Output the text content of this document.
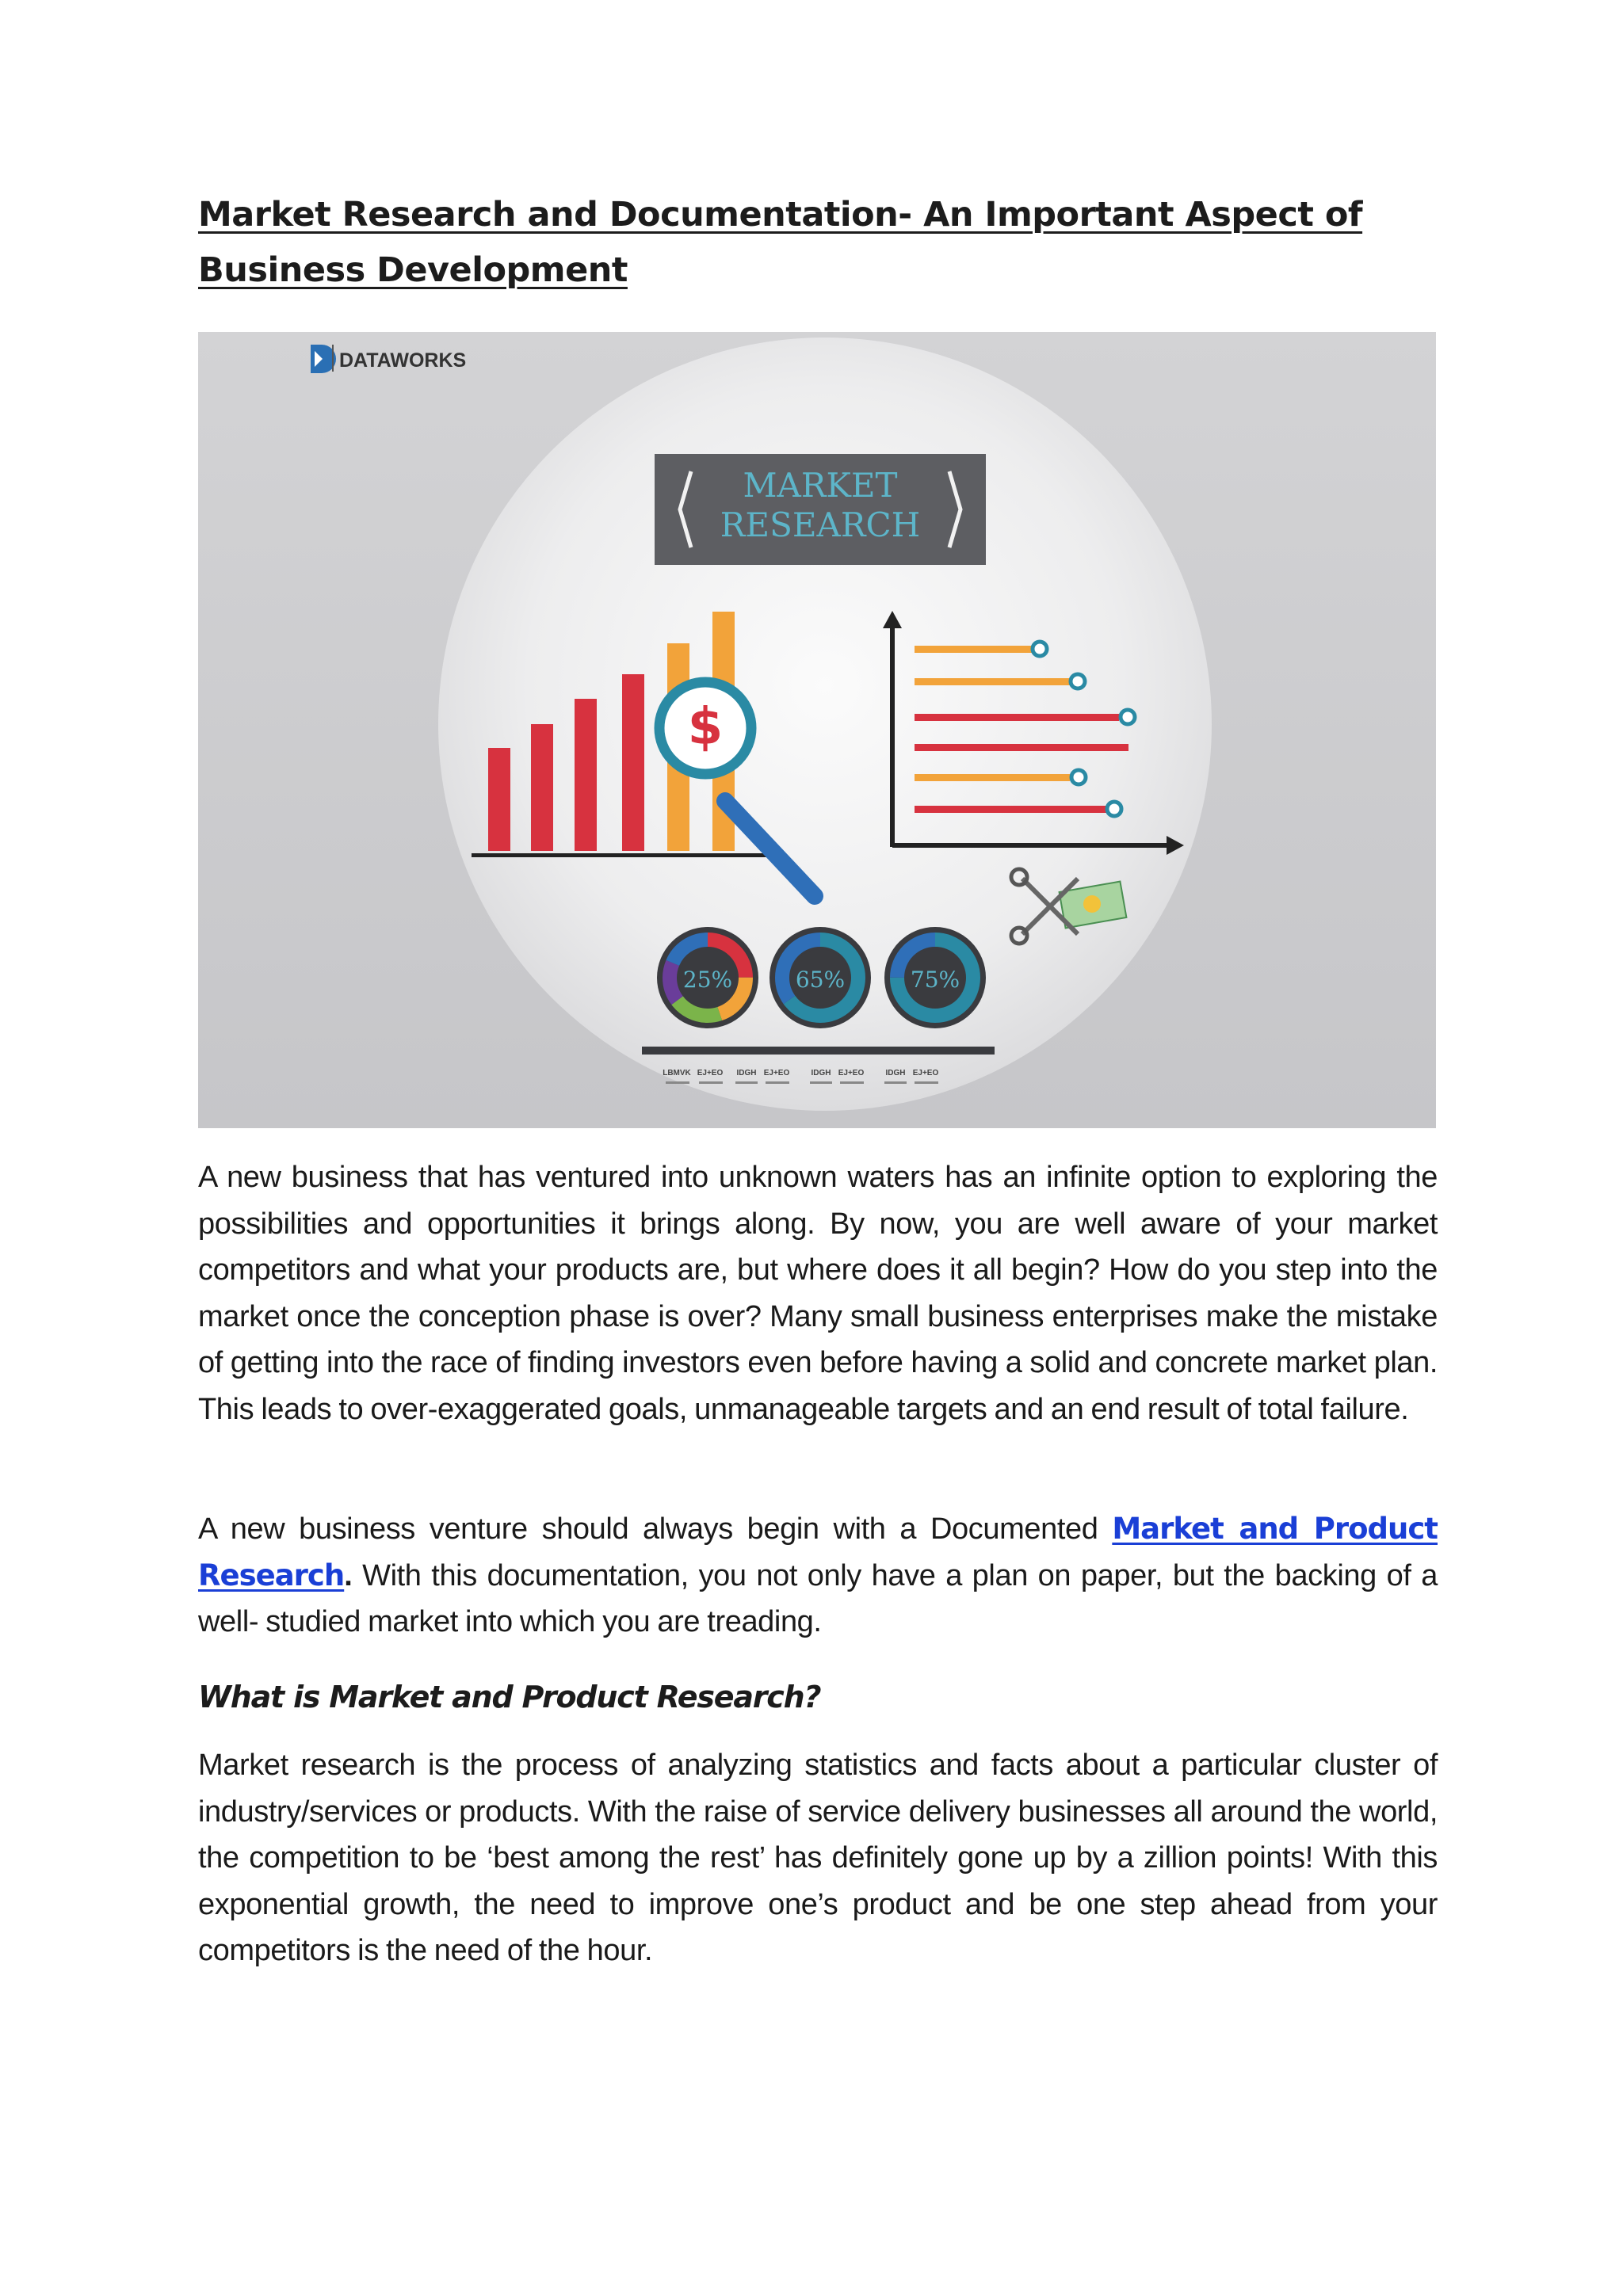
Market Research and Documentation- An Important Aspect of Business Development
DATAWORKS
MARKET
RESEARCH
$
25%	65%	75%
LBMVK EJ+EO IDGH EJ+EO	IDGH EJ+EO	IDGH EJ+EO

A new business that has ventured into unknown waters has an infinite option to exploring the possibilities and opportunities it brings along. By now, you are well aware of your market competitors and what your products are, but where does it all begin? How do you step into the market once the conception phase is over? Many small business enterprises make the mistake of getting into the race of finding investors even before having a solid and concrete market plan. This leads to over-exaggerated goals, unmanageable targets and an end result of total failure.

A new business venture should always begin with a Documented Market and Product Research. With this documentation, you not only have a plan on paper, but the backing of a well- studied market into which you are treading.

What is Market and Product Research?

Market research is the process of analyzing statistics and facts about a particular cluster of industry/services or products. With the raise of service delivery businesses all around the world, the competition to be ‘best among the rest’ has definitely gone up by a zillion points! With this exponential growth, the need to improve one’s product and be one step ahead from your competitors is the need of the hour.
